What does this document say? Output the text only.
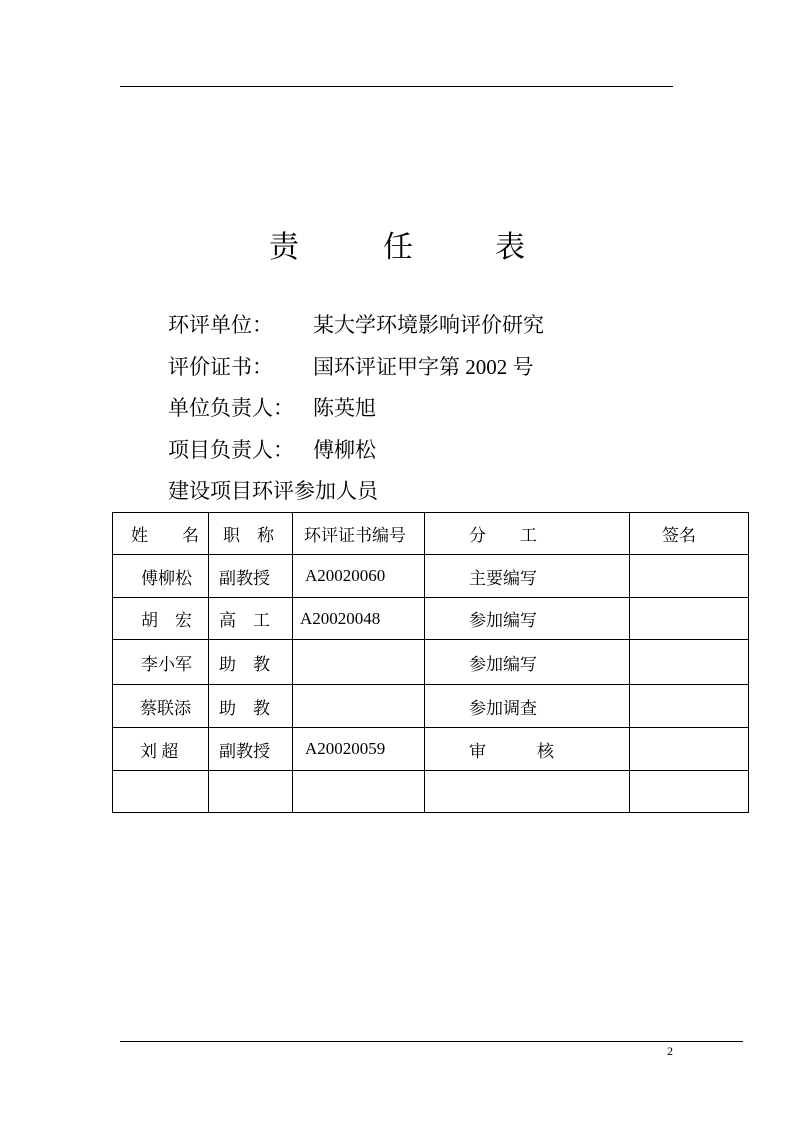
责	任	表
环评单位： 某大学环境影响评价研究
评价证书： 国环评证甲字第 2002 号
单位负责人： 陈英旭
项目负责人： 傅柳松
建设项目环评参加人员
姓　　名	职　称	环评证书编号	分　　工	签名
傅柳松	副教授	A20020060	主要编写	
胡　宏	高　工	A20020048	参加编写	
李小军	助　教		参加编写	
蔡联添	助　教		参加调查	
刘 超	副教授	A20020059	审　　　核	

2
